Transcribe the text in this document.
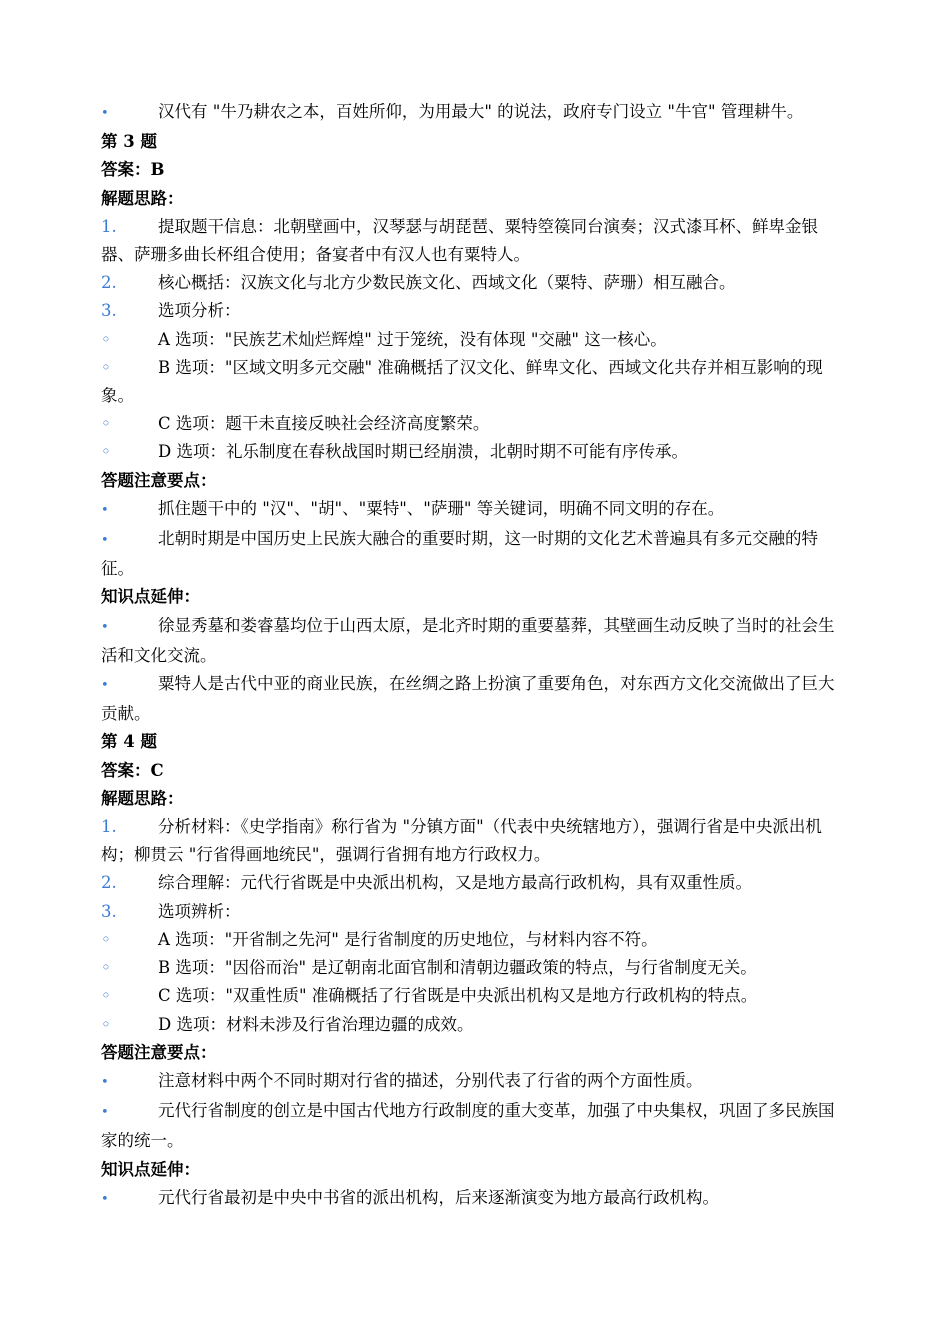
•	汉代有 "牛乃耕农之本，百姓所仰，为用最大" 的说法，政府专门设立 "牛官" 管理耕牛。
第 3 题
答案：B
解题思路：
1.	提取题干信息：北朝壁画中，汉琴瑟与胡琵琶、粟特箜篌同台演奏；汉式漆耳杯、鲜卑金银器、萨珊多曲长杯组合使用；备宴者中有汉人也有粟特人。
2.	核心概括：汉族文化与北方少数民族文化、西域文化（粟特、萨珊）相互融合。
3.	选项分析：
◦	A 选项："民族艺术灿烂辉煌" 过于笼统，没有体现 "交融" 这一核心。
◦	B 选项："区域文明多元交融" 准确概括了汉文化、鲜卑文化、西域文化共存并相互影响的现象。
◦	C 选项：题干未直接反映社会经济高度繁荣。
◦	D 选项：礼乐制度在春秋战国时期已经崩溃，北朝时期不可能有序传承。
答题注意要点：
•	抓住题干中的 "汉"、"胡"、"粟特"、"萨珊" 等关键词，明确不同文明的存在。
•	北朝时期是中国历史上民族大融合的重要时期，这一时期的文化艺术普遍具有多元交融的特征。
知识点延伸：
•	徐显秀墓和娄睿墓均位于山西太原，是北齐时期的重要墓葬，其壁画生动反映了当时的社会生活和文化交流。
•	粟特人是古代中亚的商业民族，在丝绸之路上扮演了重要角色，对东西方文化交流做出了巨大贡献。
第 4 题
答案：C
解题思路：
1.	分析材料：《史学指南》称行省为 "分镇方面"（代表中央统辖地方），强调行省是中央派出机构；柳贯云 "行省得画地统民"，强调行省拥有地方行政权力。
2.	综合理解：元代行省既是中央派出机构，又是地方最高行政机构，具有双重性质。
3.	选项辨析：
◦	A 选项："开省制之先河" 是行省制度的历史地位，与材料内容不符。
◦	B 选项："因俗而治" 是辽朝南北面官制和清朝边疆政策的特点，与行省制度无关。
◦	C 选项："双重性质" 准确概括了行省既是中央派出机构又是地方行政机构的特点。
◦	D 选项：材料未涉及行省治理边疆的成效。
答题注意要点：
•	注意材料中两个不同时期对行省的描述，分别代表了行省的两个方面性质。
•	元代行省制度的创立是中国古代地方行政制度的重大变革，加强了中央集权，巩固了多民族国家的统一。
知识点延伸：
•	元代行省最初是中央中书省的派出机构，后来逐渐演变为地方最高行政机构。
